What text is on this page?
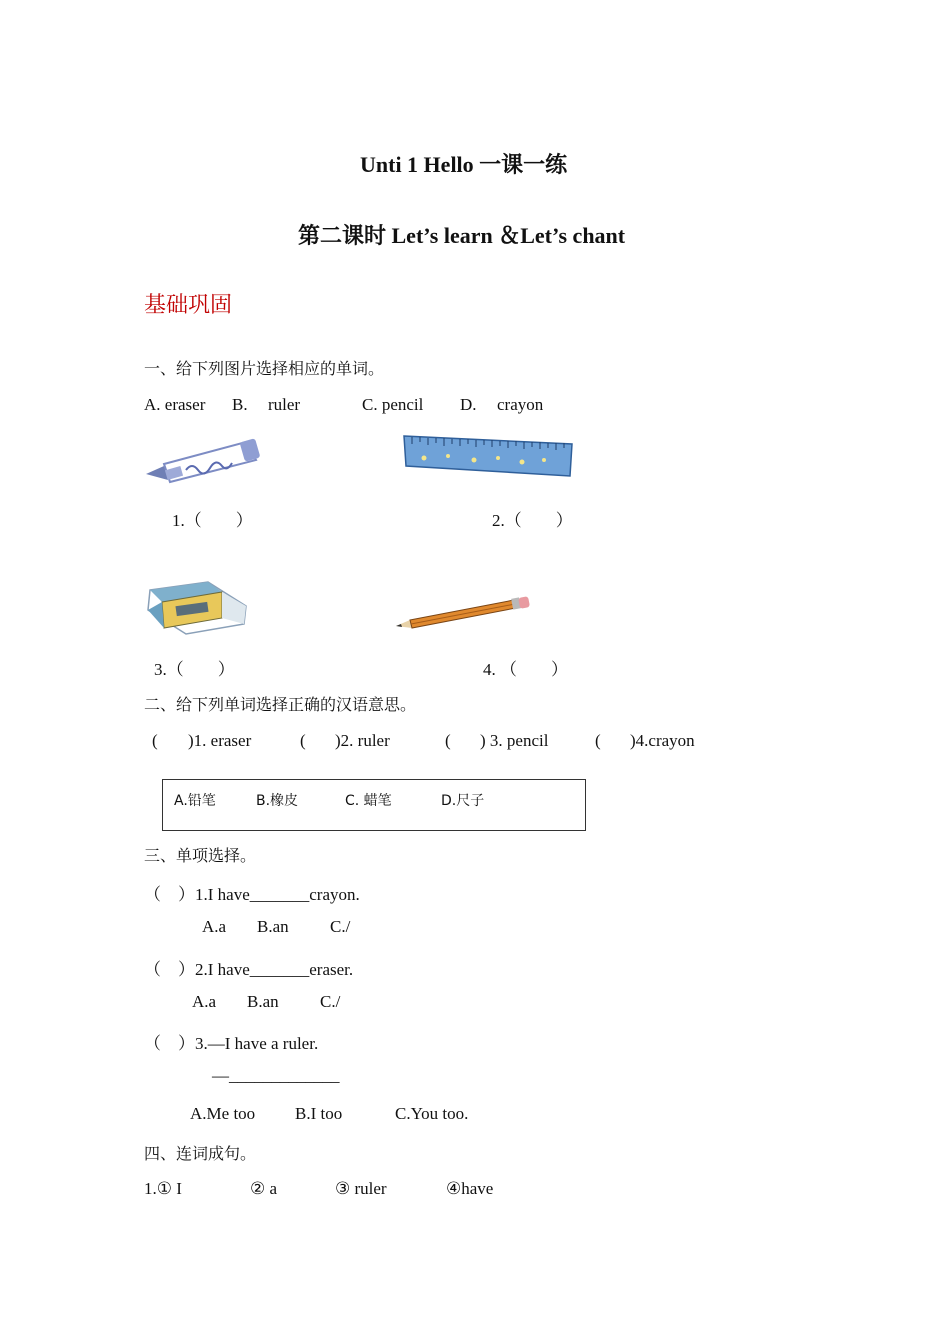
Unti 1 Hello 一课一练
第二课时 Let’s learn ＆Let’s chant
基础巩固
一、给下列图片选择相应的单词。
A. eraser B. ruler	C. pencil D. crayon
1.（　　）	2.（　　）
3.（　　）	4. （　　）
二、给下列单词选择正确的汉语意思。
( )1. eraser	( )2. ruler	( ) 3. pencil	( )4.crayon
A.铅笔	B.橡皮	C. 蜡笔	D.尺子
三、单项选择。
（　）1.I have_______crayon.
A.a B.an C./
（　）2.I have_______eraser.
A.a B.an C./
（　）3.—I have a ruler.
—_____________
A.Me too B.I too	C.You too.
四、连词成句。
1.① I	② a	③ ruler	④have
